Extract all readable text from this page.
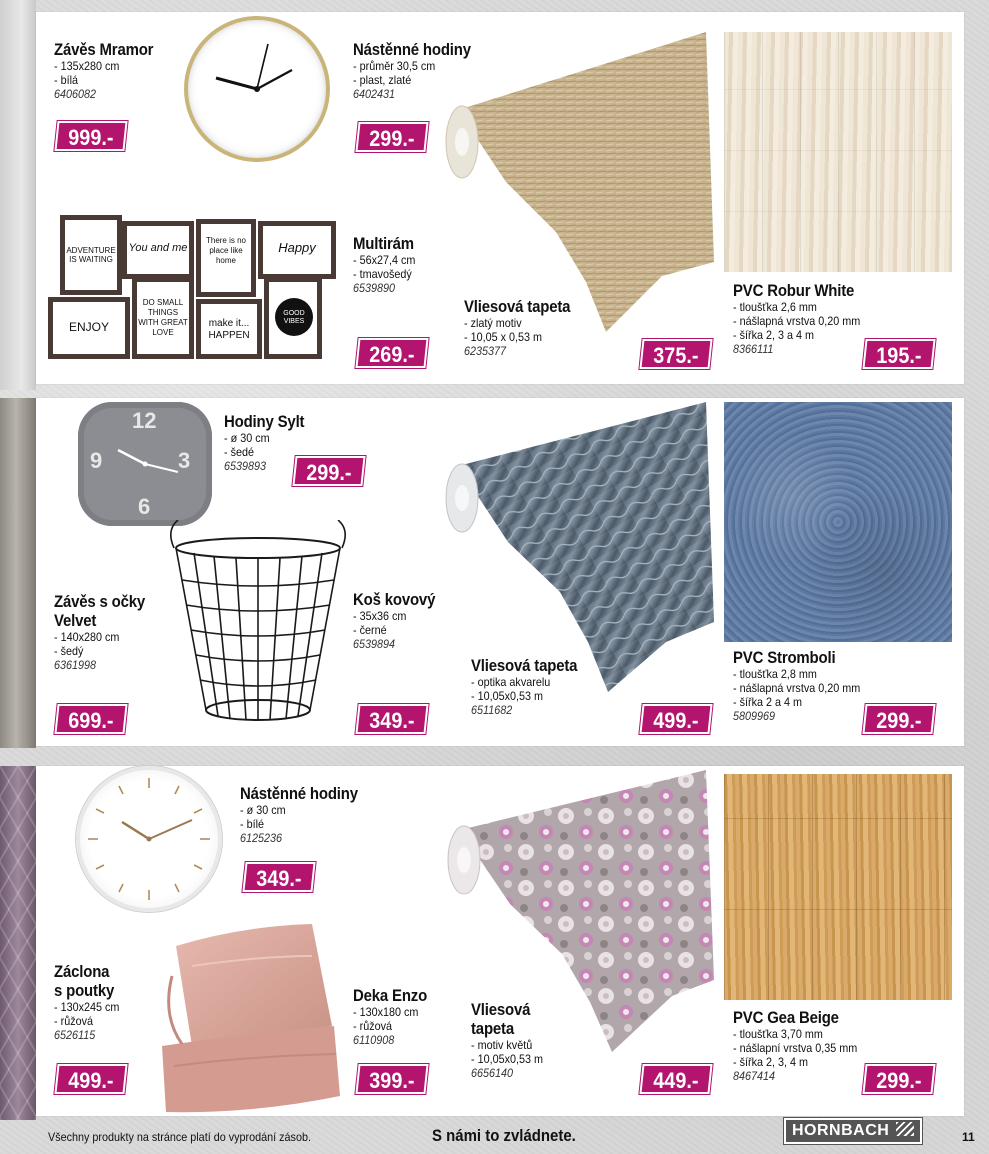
Závěs Mramor
- 135x280 cm
- bílá
6406082
999.-
Nástěnné hodiny
- průměr 30,5 cm
- plast, zlaté
6402431
299.-
ADVENTURE IS WAITING
You and me
There is no place like home
Happy
ENJOY
DO SMALL THINGS WITH GREAT LOVE
make it... HAPPEN
GOOD VIBES
Multirám
- 56x27,4 cm
- tmavošedý
6539890
269.-
Vliesová tapeta
- zlatý motiv
- 10,05 x 0,53 m
6235377	375.-
PVC Robur White
- tloušťka 2,6 mm
- nášlapná vrstva 0,20 mm
- šířka 2, 3 a 4 m
8366111	195.-
12
3
6
9
Hodiny Sylt
- ø 30 cm
- šedé
6539893	299.-
Závěs s očky
Velvet
- 140x280 cm
- šedý
6361998
699.-
Koš kovový
- 35x36 cm
- černé
6539894
349.-
Vliesová tapeta
- optika akvarelu
- 10,05x0,53 m
6511682	499.-
PVC Stromboli
- tloušťka 2,8 mm
- nášlapná vrstva 0,20 mm
- šířka 2 a 4 m
5809969	299.-
Nástěnné hodiny
- ø 30 cm
- bílé
6125236
349.-
Záclona
s poutky
- 130x245 cm
- růžová
6526115
499.-
Deka Enzo
- 130x180 cm
- růžová
6110908
399.-
Vliesová
tapeta
- motiv květů
- 10,05x0,53 m
6656140	449.-
PVC Gea Beige
- tloušťka 3,70 mm
- nášlapní vrstva 0,35 mm
- šířka 2, 3, 4 m
8467414	299.-
Všechny produkty na stránce platí do vyprodání zásob.	S námi to zvládnete.	HORNBACH	11
